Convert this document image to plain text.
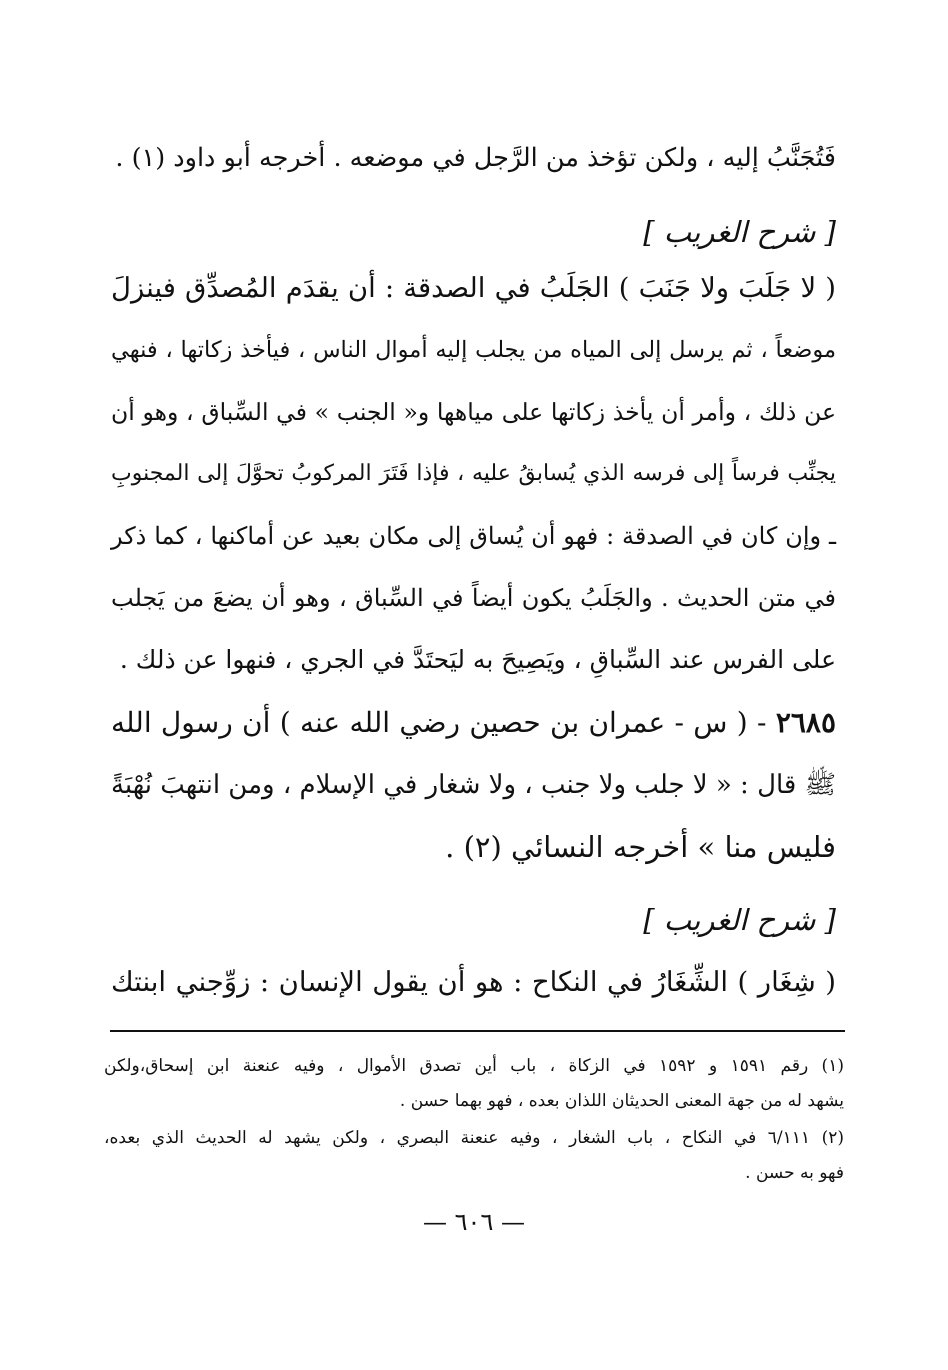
فَتُجَنَّبُ إليه ، ولكن تؤخذ من الرَّجل في موضعه . أخرجه أبو داود (١) .
[ شرح الغريب ]
( لا جَلَبَ ولا جَنَبَ ) الجَلَبُ في الصدقة : أن يقدَم المُصدِّق فينزلَ
موضعاً ، ثم يرسل إلى المياه من يجلب إليه أموال الناس ، فيأخذ زكاتها ، فنهي
عن ذلك ، وأمر أن يأخذ زكاتها على مياهها و« الجنب » في السِّباق ، وهو أن
يجنِّب فرساً إلى فرسه الذي يُسابقُ عليه ، فإذا فَتَرَ المركوبُ تحوَّلَ إلى المجنوبِ
ـ وإن كان في الصدقة : فهو أن يُساق إلى مكان بعيد عن أماكنها ، كما ذكر
في متن الحديث . والجَلَبُ يكون أيضاً في السِّباق ، وهو أن يضعَ من يَجلب
على الفرس عند السِّباقِ ، ويَصِيحَ به ليَحتَدَّ في الجري ، فنهوا عن ذلك .
٢٦٨٥ - ( س - عمران بن حصين رضي الله عنه ) أن رسول الله
ﷺ قال : « لا جلب ولا جنب ، ولا شغار في الإسلام ، ومن انتهبَ نُهْبَةً
فليس منا » أخرجه النسائي (٢) .
[ شرح الغريب ]
( شِغَار ) الشِّغَارُ في النكاح : هو أن يقول الإنسان : زوِّجني ابنتك
(١) رقم ١٥٩١ و ١٥٩٢ في الزكاة ، باب أين تصدق الأموال ، وفيه عنعنة ابن إسحاق،ولكن
يشهد له من جهة المعنى الحديثان اللذان بعده ، فهو بهما حسن .
(٢) ٦/١١١ في النكاح ، باب الشغار ، وفيه عنعنة البصري ، ولكن يشهد له الحديث الذي بعده،
فهو به حسن .
— ٦٠٦ —
